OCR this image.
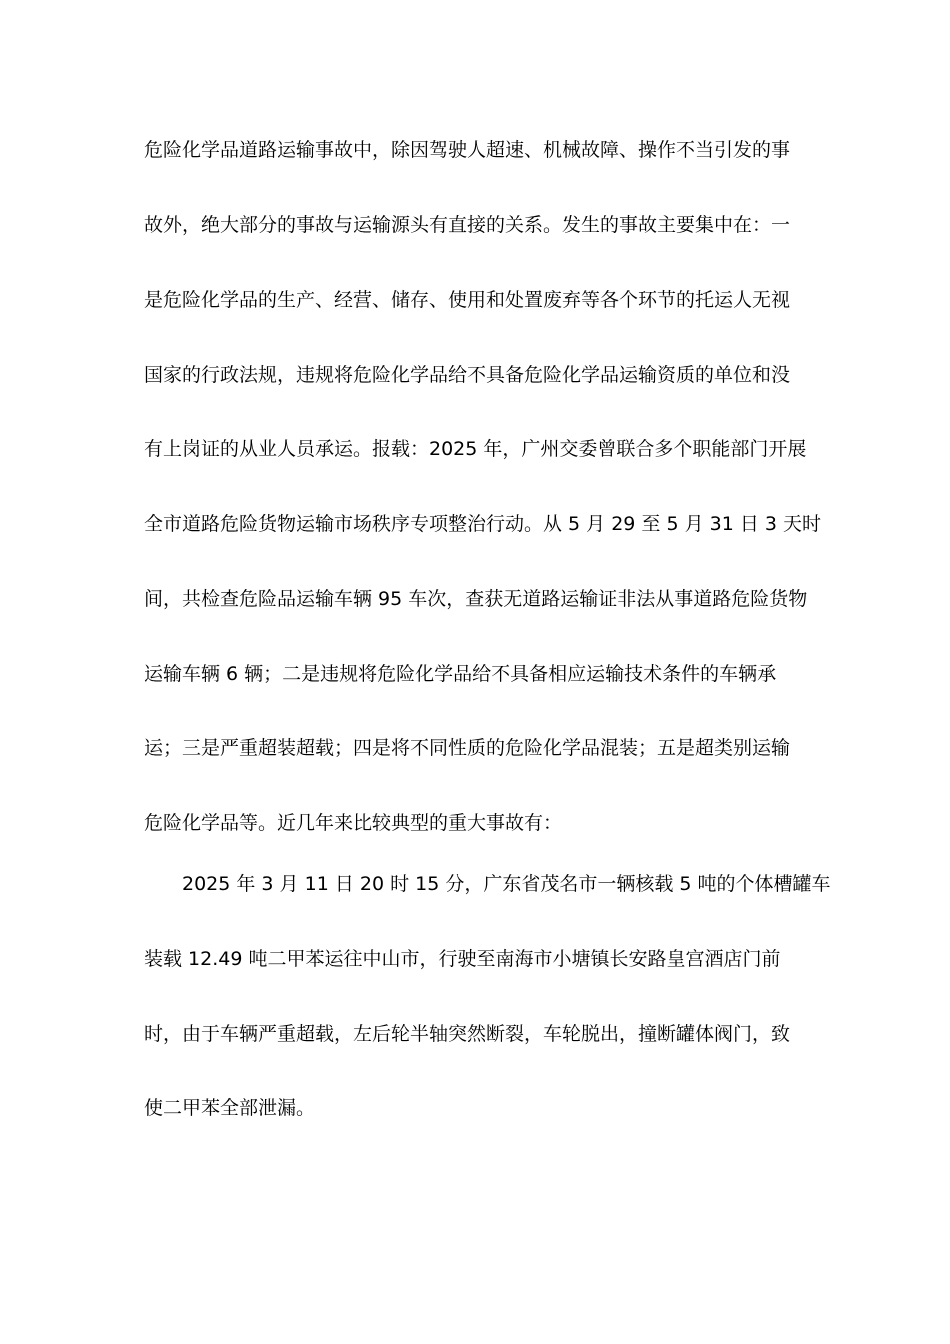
危险化学品道路运输事故中，除因驾驶人超速、机械故障、操作不当引发的事
故外，绝大部分的事故与运输源头有直接的关系。发生的事故主要集中在：一
是危险化学品的生产、经营、储存、使用和处置废弃等各个环节的托运人无视
国家的行政法规，违规将危险化学品给不具备危险化学品运输资质的单位和没
有上岗证的从业人员承运。报载：2025 年，广州交委曾联合多个职能部门开展
全市道路危险货物运输市场秩序专项整治行动。从 5 月 29 至 5 月 31 日 3 天时
间，共检查危险品运输车辆 95 车次，查获无道路运输证非法从事道路危险货物
运输车辆 6 辆；二是违规将危险化学品给不具备相应运输技术条件的车辆承
运；三是严重超装超载；四是将不同性质的危险化学品混装；五是超类别运输
危险化学品等。近几年来比较典型的重大事故有：
2025 年 3 月 11 日 20 时 15 分，广东省茂名市一辆核载 5 吨的个体槽罐车
装载 12.49 吨二甲苯运往中山市，行驶至南海市小塘镇长安路皇宫酒店门前
时，由于车辆严重超载，左后轮半轴突然断裂，车轮脱出，撞断罐体阀门，致
使二甲苯全部泄漏。
